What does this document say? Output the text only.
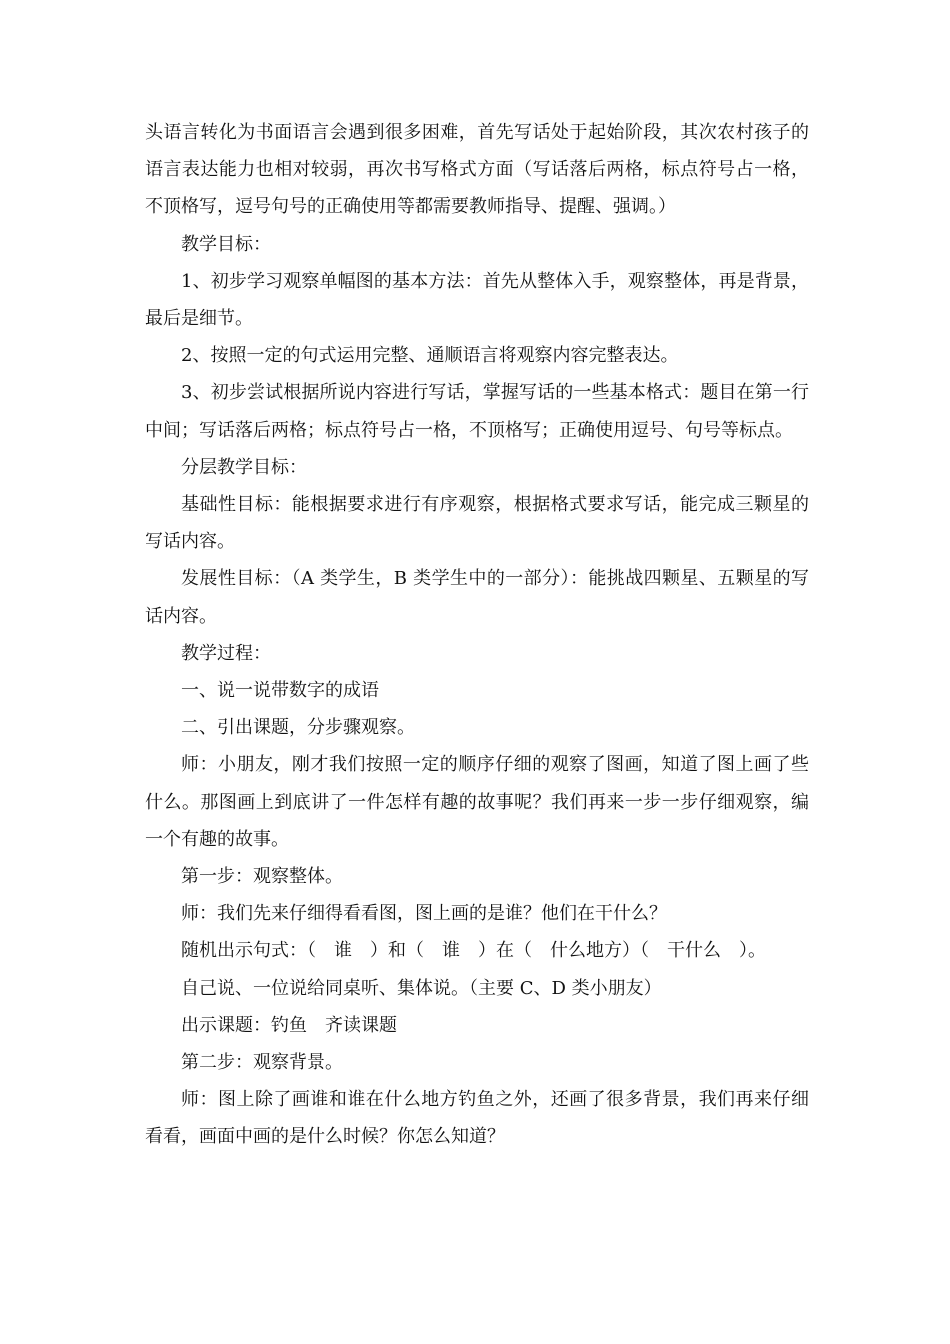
头语言转化为书面语言会遇到很多困难，首先写话处于起始阶段，其次农村孩子的语言表达能力也相对较弱，再次书写格式方面（写话落后两格，标点符号占一格，不顶格写，逗号句号的正确使用等都需要教师指导、提醒、强调。）

教学目标：

1、初步学习观察单幅图的基本方法：首先从整体入手，观察整体，再是背景，最后是细节。

2、按照一定的句式运用完整、通顺语言将观察内容完整表达。

3、初步尝试根据所说内容进行写话，掌握写话的一些基本格式：题目在第一行中间；写话落后两格；标点符号占一格，不顶格写；正确使用逗号、句号等标点。

分层教学目标：

基础性目标：能根据要求进行有序观察，根据格式要求写话，能完成三颗星的写话内容。

发展性目标：（A 类学生，B 类学生中的一部分）：能挑战四颗星、五颗星的写话内容。

教学过程：

一、说一说带数字的成语

二、引出课题，分步骤观察。

师：小朋友，刚才我们按照一定的顺序仔细的观察了图画，知道了图上画了些什么。那图画上到底讲了一件怎样有趣的故事呢？我们再来一步一步仔细观察，编一个有趣的故事。

第一步：观察整体。

师：我们先来仔细得看看图，图上画的是谁？他们在干什么？

随机出示句式：（　谁　）和（　谁　）在（　什么地方）（　干什么　）。

自己说、一位说给同桌听、集体说。（主要 C、D 类小朋友）

出示课题：钓鱼　齐读课题

第二步：观察背景。

师：图上除了画谁和谁在什么地方钓鱼之外，还画了很多背景，我们再来仔细看看，画面中画的是什么时候？你怎么知道？
